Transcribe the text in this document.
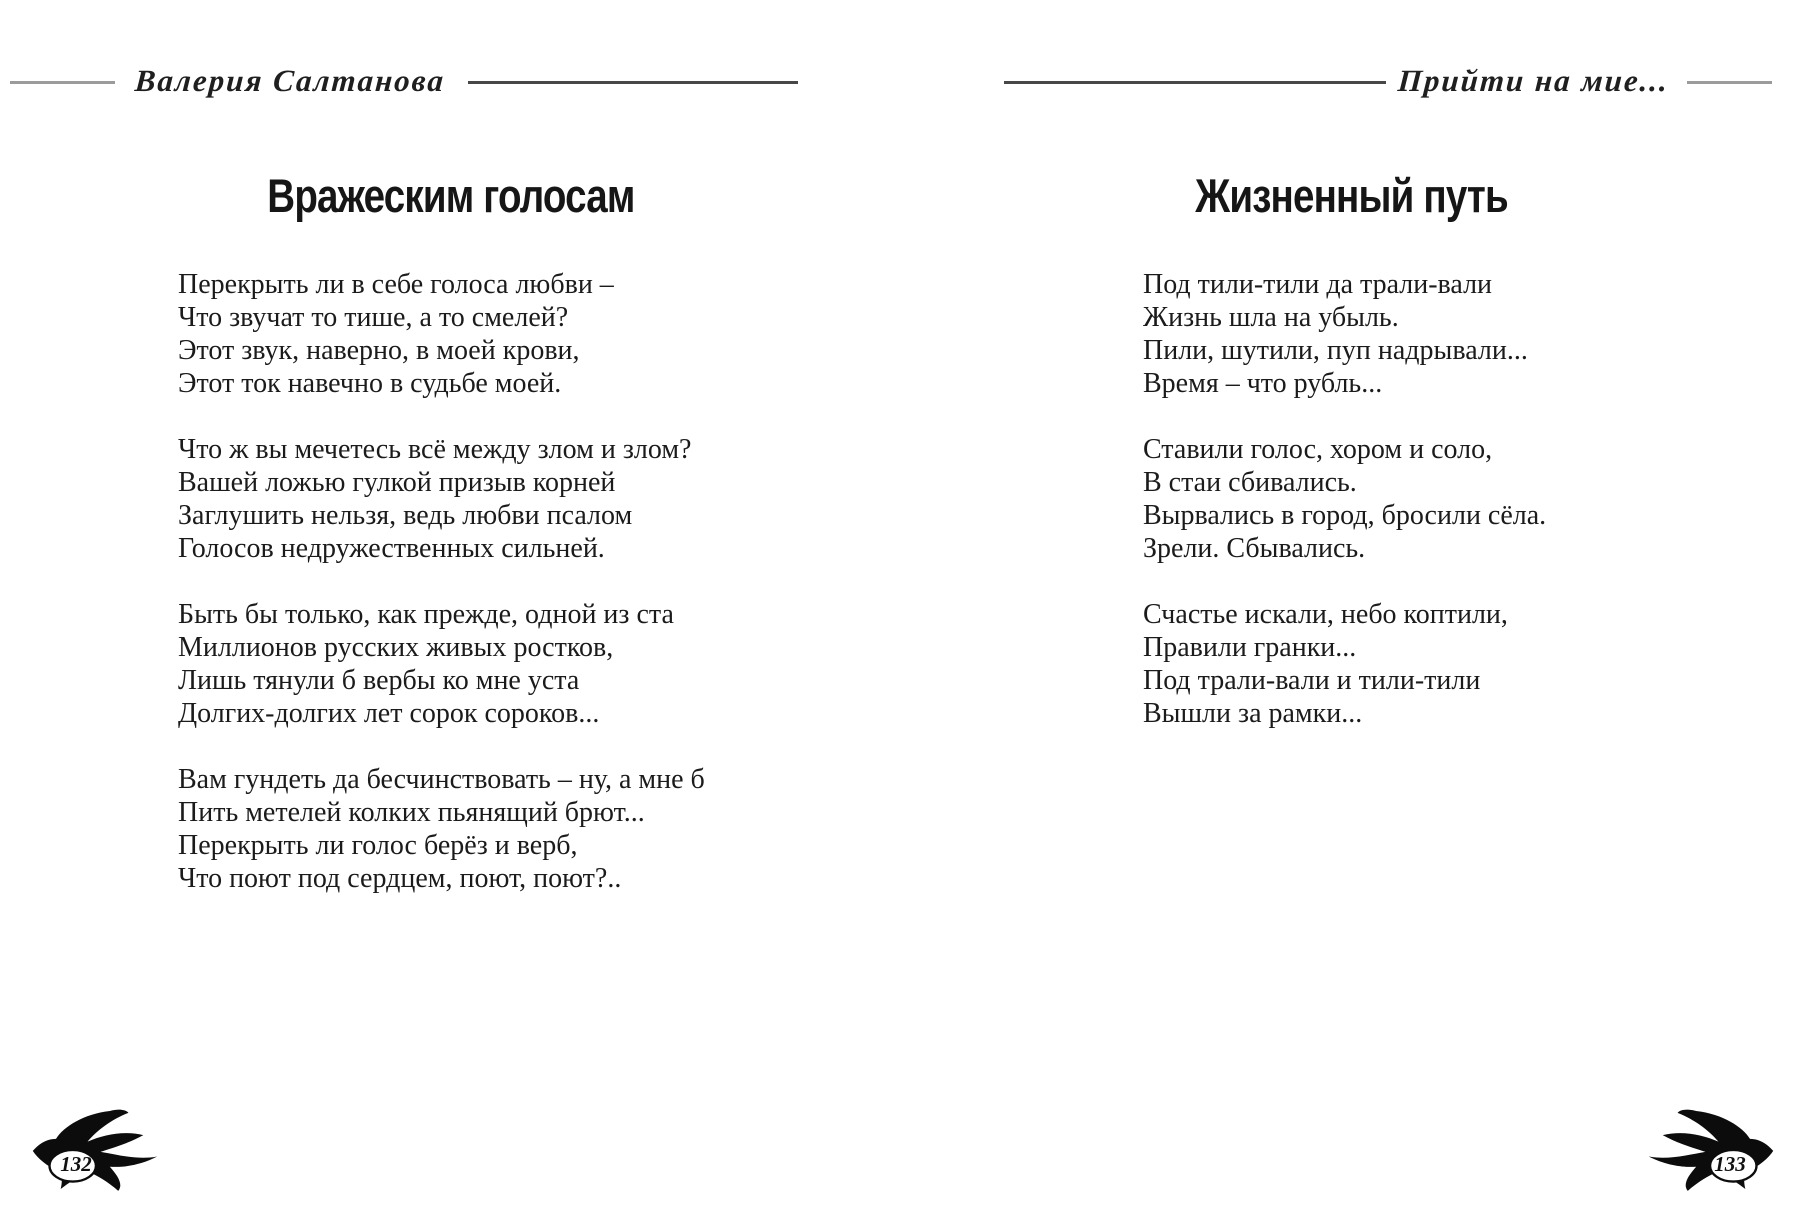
Валерия Салтанова	Прийти на мие...
Вражеским голосам
Перекрыть ли в себе голоса любви –
Что звучат то тише, а то смелей?
Этот звук, наверно, в моей крови,
Этот ток навечно в судьбе моей.
Что ж вы мечетесь всё между злом и злом?
Вашей ложью гулкой призыв корней
Заглушить нельзя, ведь любви псалом
Голосов недружественных сильней.
Быть бы только, как прежде, одной из ста
Миллионов русских живых ростков,
Лишь тянули б вербы ко мне уста
Долгих-долгих лет сорок сороков...
Вам гундеть да бесчинствовать – ну, а мне б
Пить метелей колких пьянящий брют...
Перекрыть ли голос берёз и верб,
Что поют под сердцем, поют, поют?..
Жизненный путь
Под тили-тили да трали-вали
Жизнь шла на убыль.
Пили, шутили, пуп надрывали...
Время – что рубль...
Ставили голос, хором и соло,
В стаи сбивались.
Вырвались в город, бросили сёла.
Зрели. Сбывались.
Счастье искали, небо коптили,
Правили гранки...
Под трали-вали и тили-тили
Вышли за рамки...
132	133
